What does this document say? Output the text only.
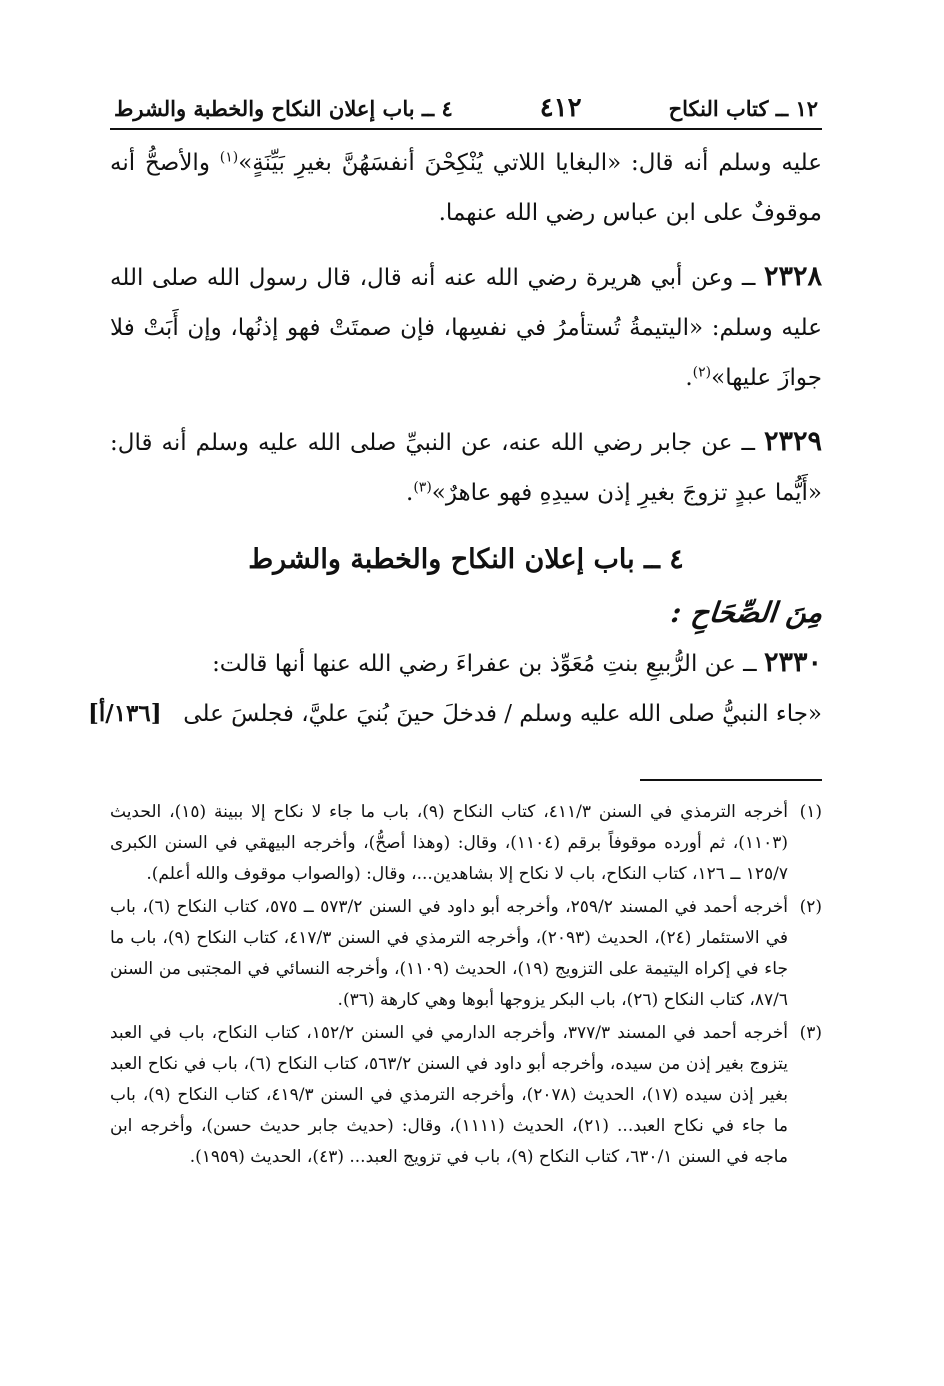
١٢ ــ كتاب النكاح
٤١٢
٤ ــ باب إعلان النكاح والخطبة والشرط

عليه وسلم أنه قال: «البغايا اللاتي يُنْكِحْنَ أنفسَهُنَّ بغيرِ بَيِّنَةٍ»$^{(١)}$ والأصحُّ أنه موقوفٌ على ابن عباس رضي الله عنهما.

٢٣٢٨ ــ وعن أبي هريرة رضي الله عنه أنه قال، قال رسول الله صلى الله عليه وسلم: «اليتيمةُ تُستأمرُ في نفسِها، فإن صمتَتْ فهو إذنُها، وإن أَبَتْ فلا جوازَ عليها»$^{(٢)}$.

٢٣٢٩ ــ عن جابر رضي الله عنه، عن النبيِّ صلى الله عليه وسلم أنه قال: «أَيُّما عبدٍ تزوجَ بغيرِ إذن سيدِهِ فهو عاهرٌ»$^{(٣)}$.

٤ ــ باب إعلان النكاح والخطبة والشرط
مِنَ الصِّحَاحِ :

٢٣٣٠ ــ عن الرُّبيعِ بنتِ مُعَوِّذ بن عفراءَ رضي الله عنها أنها قالت:

«جاء النبيُّ صلى الله عليه وسلم / فدخلَ حينَ بُنيَ عليَّ، فجلسَ على
[١٣٦/أ]

(١)
أخرجه الترمذي في السنن ٤١١/٣، كتاب النكاح (٩)، باب ما جاء لا نكاح إلا ببينة (١٥)، الحديث (١١٠٣)، ثم أورده موقوفاً برقم (١١٠٤)، وقال: (وهذا أصحُّ)، وأخرجه البيهقي في السنن الكبرى ١٢٥/٧ ــ ١٢٦، كتاب النكاح، باب لا نكاح إلا بشاهدين...، وقال: (والصواب موقوف والله أعلم).
(٢)
أخرجه أحمد في المسند ٢٥٩/٢، وأخرجه أبو داود في السنن ٥٧٣/٢ ــ ٥٧٥، كتاب النكاح (٦)، باب في الاستئمار (٢٤)، الحديث (٢٠٩٣)، وأخرجه الترمذي في السنن ٤١٧/٣، كتاب النكاح (٩)، باب ما جاء في إكراه اليتيمة على التزويج (١٩)، الحديث (١١٠٩)، وأخرجه النسائي في المجتبى من السنن ٨٧/٦، كتاب النكاح (٢٦)، باب البكر يزوجها أبوها وهي كارهة (٣٦).
(٣)
أخرجه أحمد في المسند ٣٧٧/٣، وأخرجه الدارمي في السنن ١٥٢/٢، كتاب النكاح، باب في العبد يتزوج بغير إذن من سيده، وأخرجه أبو داود في السنن ٥٦٣/٢، كتاب النكاح (٦)، باب في نكاح العبد بغير إذن سيده (١٧)، الحديث (٢٠٧٨)، وأخرجه الترمذي في السنن ٤١٩/٣، كتاب النكاح (٩)، باب ما جاء في نكاح العبد... (٢١)، الحديث (١١١١)، وقال: (حديث جابر حديث حسن)، وأخرجه ابن ماجه في السنن ٦٣٠/١، كتاب النكاح (٩)، باب في تزويج العبد... (٤٣)، الحديث (١٩٥٩).
